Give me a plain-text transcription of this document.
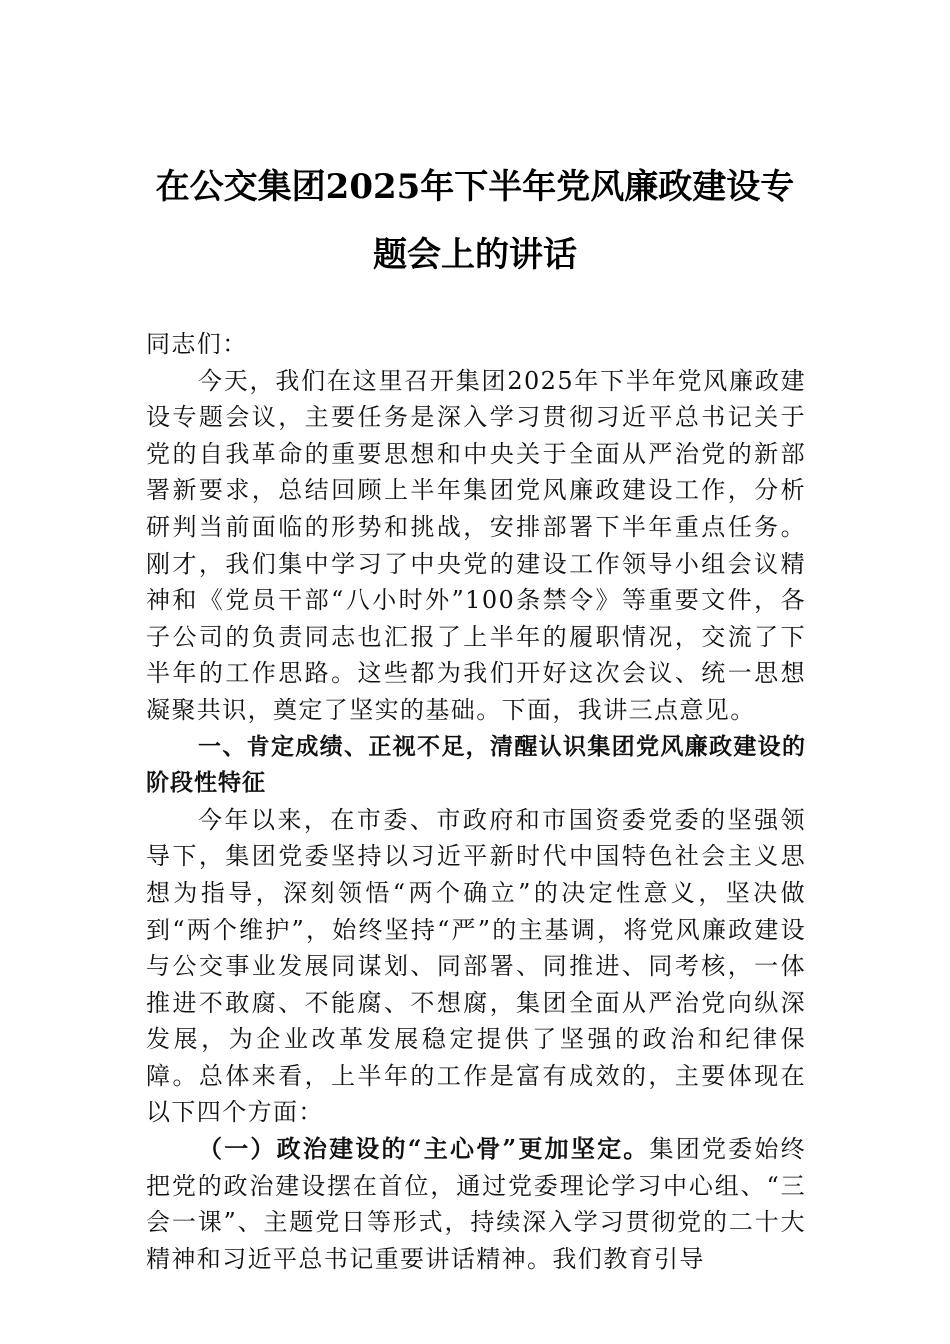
在公交集团2025年下半年党风廉政建设专题会上的讲话

同志们：

今天，我们在这里召开集团2025年下半年党风廉政建设专题会议，主要任务是深入学习贯彻习近平总书记关于党的自我革命的重要思想和中央关于全面从严治党的新部署新要求，总结回顾上半年集团党风廉政建设工作，分析研判当前面临的形势和挑战，安排部署下半年重点任务。刚才，我们集中学习了中央党的建设工作领导小组会议精神和《党员干部“八小时外”100条禁令》等重要文件，各子公司的负责同志也汇报了上半年的履职情况，交流了下半年的工作思路。这些都为我们开好这次会议、统一思想凝聚共识，奠定了坚实的基础。下面，我讲三点意见。

一、肯定成绩、正视不足，清醒认识集团党风廉政建设的阶段性特征

今年以来，在市委、市政府和市国资委党委的坚强领导下，集团党委坚持以习近平新时代中国特色社会主义思想为指导，深刻领悟“两个确立”的决定性意义，坚决做到“两个维护”，始终坚持“严”的主基调，将党风廉政建设与公交事业发展同谋划、同部署、同推进、同考核，一体推进不敢腐、不能腐、不想腐，集团全面从严治党向纵深发展，为企业改革发展稳定提供了坚强的政治和纪律保障。总体来看，上半年的工作是富有成效的，主要体现在以下四个方面：

（一）政治建设的“主心骨”更加坚定。集团党委始终把党的政治建设摆在首位，通过党委理论学习中心组、“三会一课”、主题党日等形式，持续深入学习贯彻党的二十大精神和习近平总书记重要讲话精神。我们教育引导
